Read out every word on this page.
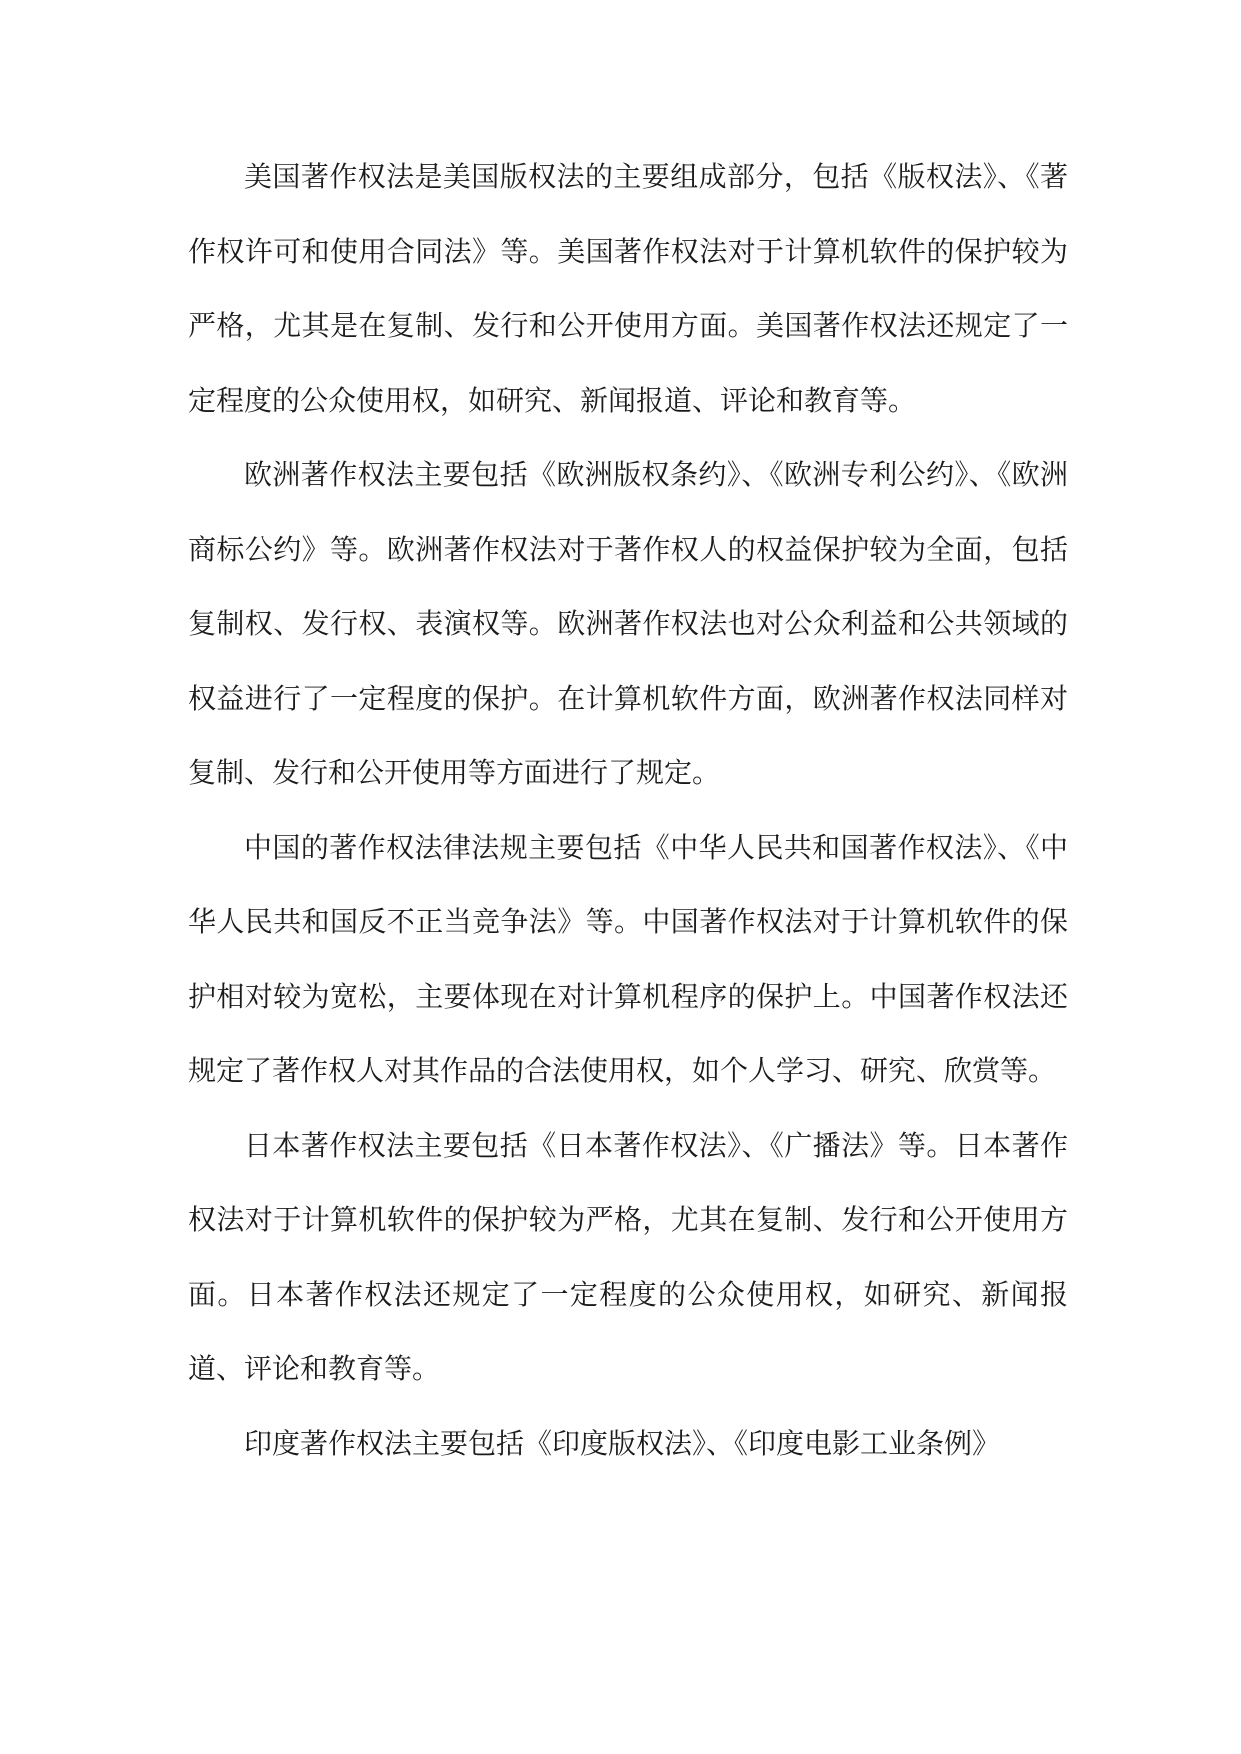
美国著作权法是美国版权法的主要组成部分，包括《版权法》、《著作权许可和使用合同法》等。美国著作权法对于计算机软件的保护较为严格，尤其是在复制、发行和公开使用方面。美国著作权法还规定了一定程度的公众使用权，如研究、新闻报道、评论和教育等。

欧洲著作权法主要包括《欧洲版权条约》、《欧洲专利公约》、《欧洲商标公约》等。欧洲著作权法对于著作权人的权益保护较为全面，包括复制权、发行权、表演权等。欧洲著作权法也对公众利益和公共领域的权益进行了一定程度的保护。在计算机软件方面，欧洲著作权法同样对复制、发行和公开使用等方面进行了规定。

中国的著作权法律法规主要包括《中华人民共和国著作权法》、《中华人民共和国反不正当竞争法》等。中国著作权法对于计算机软件的保护相对较为宽松，主要体现在对计算机程序的保护上。中国著作权法还规定了著作权人对其作品的合法使用权，如个人学习、研究、欣赏等。

日本著作权法主要包括《日本著作权法》、《广播法》等。日本著作权法对于计算机软件的保护较为严格，尤其在复制、发行和公开使用方面。日本著作权法还规定了一定程度的公众使用权，如研究、新闻报道、评论和教育等。

印度著作权法主要包括《印度版权法》、《印度电影工业条例》
